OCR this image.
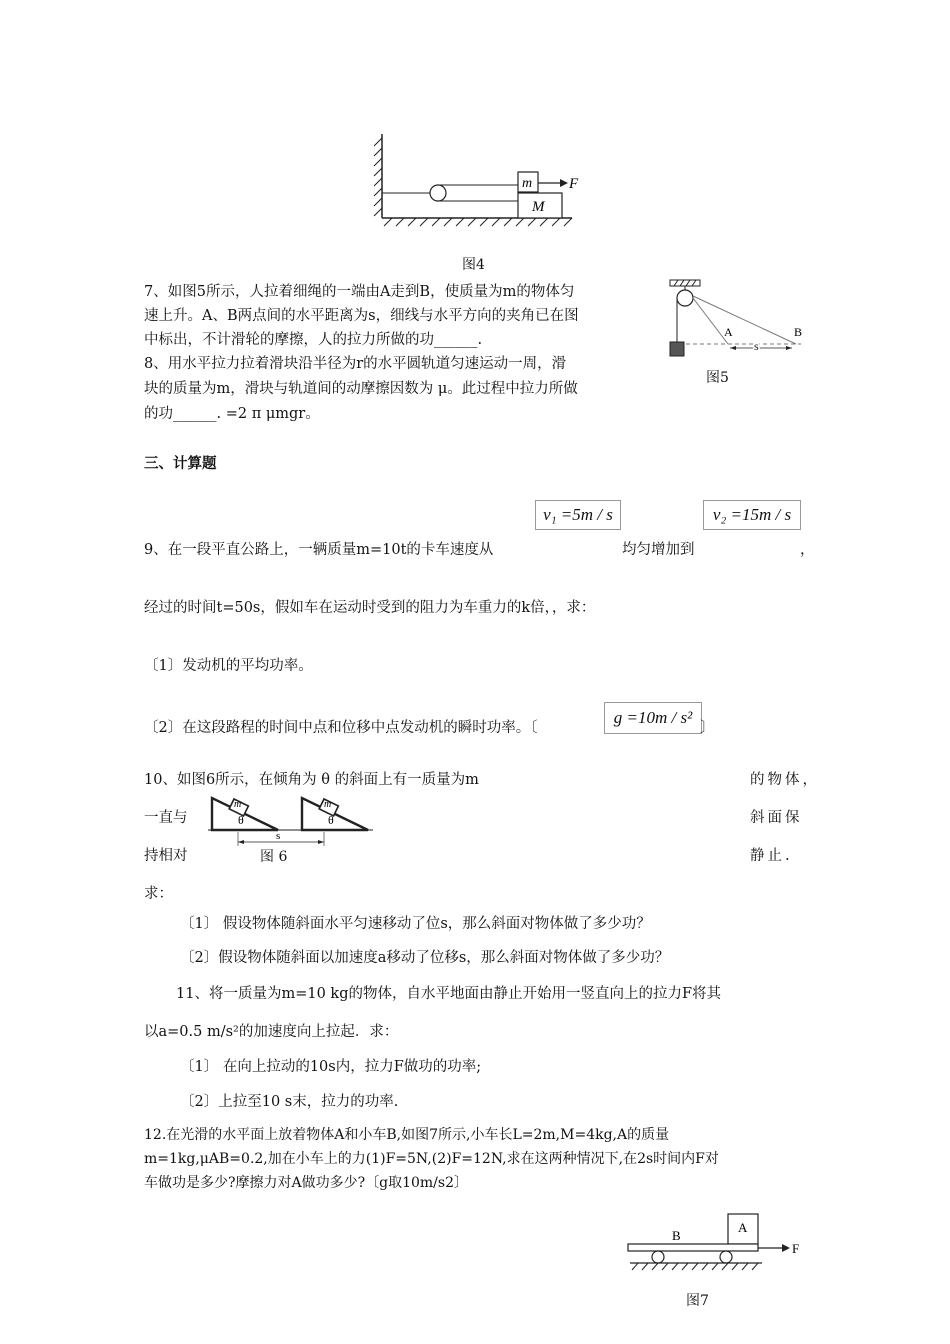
m F
M
图4
7、如图5所示，人拉着细绳的一端由A走到B，使质量为m的物体匀
速上升。A、B两点间的水平距离为s，细线与水平方向的夹角已在图
中标出，不计滑轮的摩擦，人的拉力所做的功______.
8、用水平拉力拉着滑块沿半径为r的水平圆轨道匀速运动一周，滑
块的质量为m，滑块与轨道间的动摩擦因数为 μ。此过程中拉力所做
的功______. =2 π μmgr。
A	B
s
图5
三、计算题
v₁ =5m / s	v₂ =15m / s
9、在一段平直公路上，一辆质量m=10t的卡车速度从	均匀增加到	，
经过的时间t=50s，假如车在运动时受到的阻力为车重力的k倍，，求：
〔1〕发动机的平均功率。
〔2〕在这段路程的时间中点和位移中点发动机的瞬时功率。〔
g =10m / s²
〕
10、如图6所示，在倾角为 θ 的斜面上有一质量为m	的物体，
一直与	斜面保
持相对	静止.
求：
m
θ
m
θ
s
图 6
〔1〕 假设物体随斜面水平匀速移动了位s，那么斜面对物体做了多少功？
〔2〕假设物体随斜面以加速度a移动了位移s，那么斜面对物体做了多少功？
11、将一质量为m=10 kg的物体，自水平地面由静止开始用一竖直向上的拉力F将其
以a=0.5 m/s²的加速度向上拉起．求：
〔1〕 在向上拉动的10s内，拉力F做功的功率;
〔2〕上拉至10 s末，拉力的功率.
12.在光滑的水平面上放着物体A和小车B,如图7所示,小车长L=2m,M=4kg,A的质量
m=1kg,μAB=0.2,加在小车上的力(1)F=5N,(2)F=12N,求在这两种情况下,在2s时间内F对
车做功是多少?摩擦力对A做功多少?〔g取10m/s2〕
A
B
F
图7
